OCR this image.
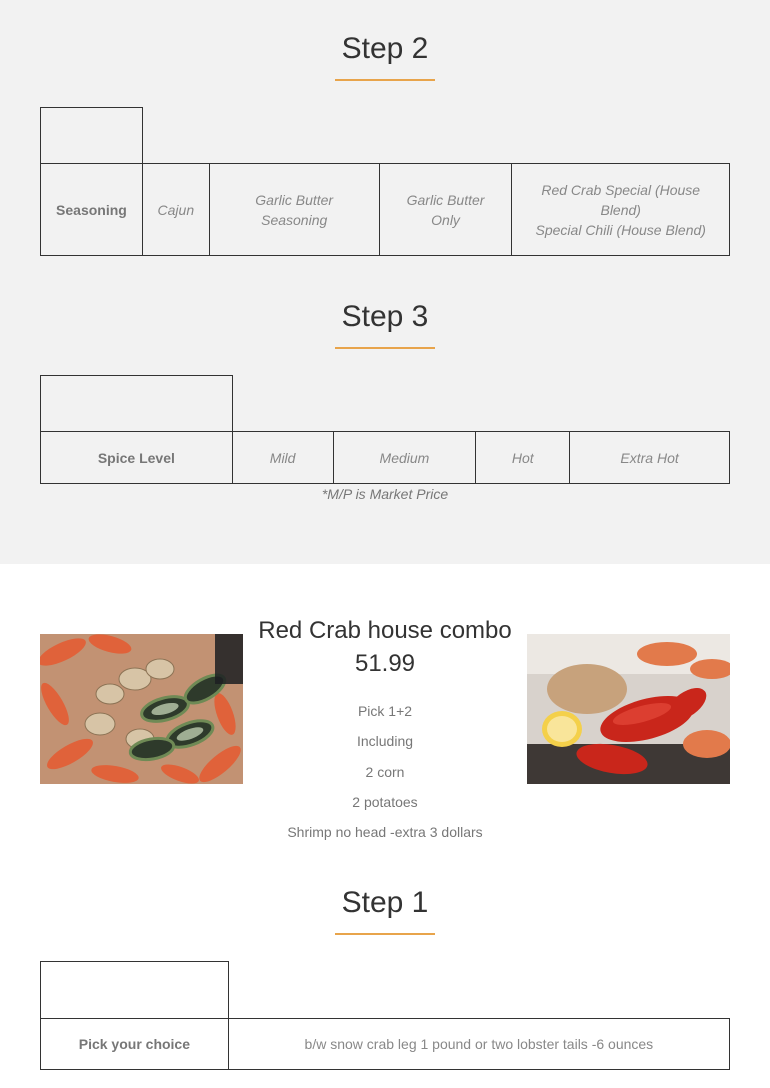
Step 2

Seasoning	Cajun	Garlic Butter Seasoning	Garlic Butter Only	Red Crab Special (House Blend)
Special Chili (House Blend)
Step 3

Spice Level	Mild	Medium	Hot	Extra Hot
*M/P is Market Price
Red Crab house combo 51.99
Pick 1+2
Including
2 corn
2 potatoes
Shrimp no head -extra 3 dollars
Step 1

Pick your choice	b/w snow crab leg 1 pound or two lobster tails -6 ounces
